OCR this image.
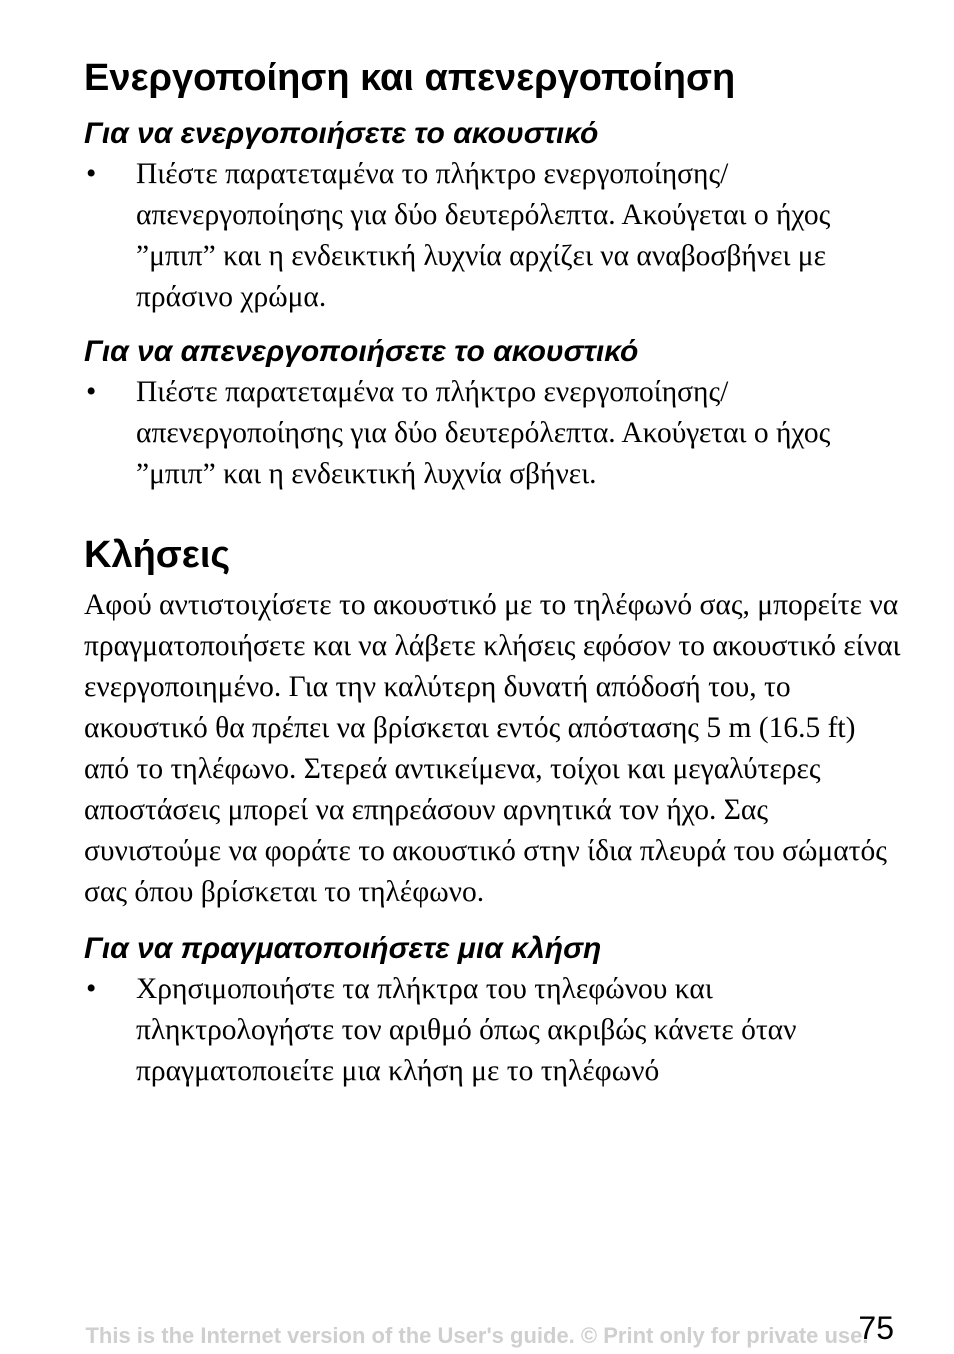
Ενεργοποίηση και απενεργοποίηση
Για να ενεργοποιήσετε το ακουστικό
• Πιέστε παρατεταμένα το πλήκτρο ενεργοποίησης/ απενεργοποίησης για δύο δευτερόλεπτα. Ακούγεται ο ήχος ”μπιπ” και η ενδεικτική λυχνία αρχίζει να αναβοσβήνει με πράσινο χρώμα.
Για να απενεργοποιήσετε το ακουστικό
• Πιέστε παρατεταμένα το πλήκτρο ενεργοποίησης/ απενεργοποίησης για δύο δευτερόλεπτα. Ακούγεται ο ήχος ”μπιπ” και η ενδεικτική λυχνία σβήνει.
Κλήσεις

Αφού αντιστοιχίσετε το ακουστικό με το τηλέφωνό σας, μπορείτε να πραγματοποιήσετε και να λάβετε κλήσεις εφόσον το ακουστικό είναι ενεργοποιημένο. Για την καλύτερη δυνατή απόδοσή του, το ακουστικό θα πρέπει να βρίσκεται εντός απόστασης 5 m (16.5 ft) από το τηλέφωνο. Στερεά αντικείμενα, τοίχοι και μεγαλύτερες αποστάσεις μπορεί να επηρεάσουν αρνητικά τον ήχο. Σας συνιστούμε να φοράτε το ακουστικό στην ίδια πλευρά του σώματός σας όπου βρίσκεται το τηλέφωνο.

Για να πραγματοποιήσετε μια κλήση
• Χρησιμοποιήστε τα πλήκτρα του τηλεφώνου και πληκτρολογήστε τον αριθμό όπως ακριβώς κάνετε όταν πραγματοποιείτε μια κλήση με το τηλέφωνό
75
This is the Internet version of the User's guide. © Print only for private use.
